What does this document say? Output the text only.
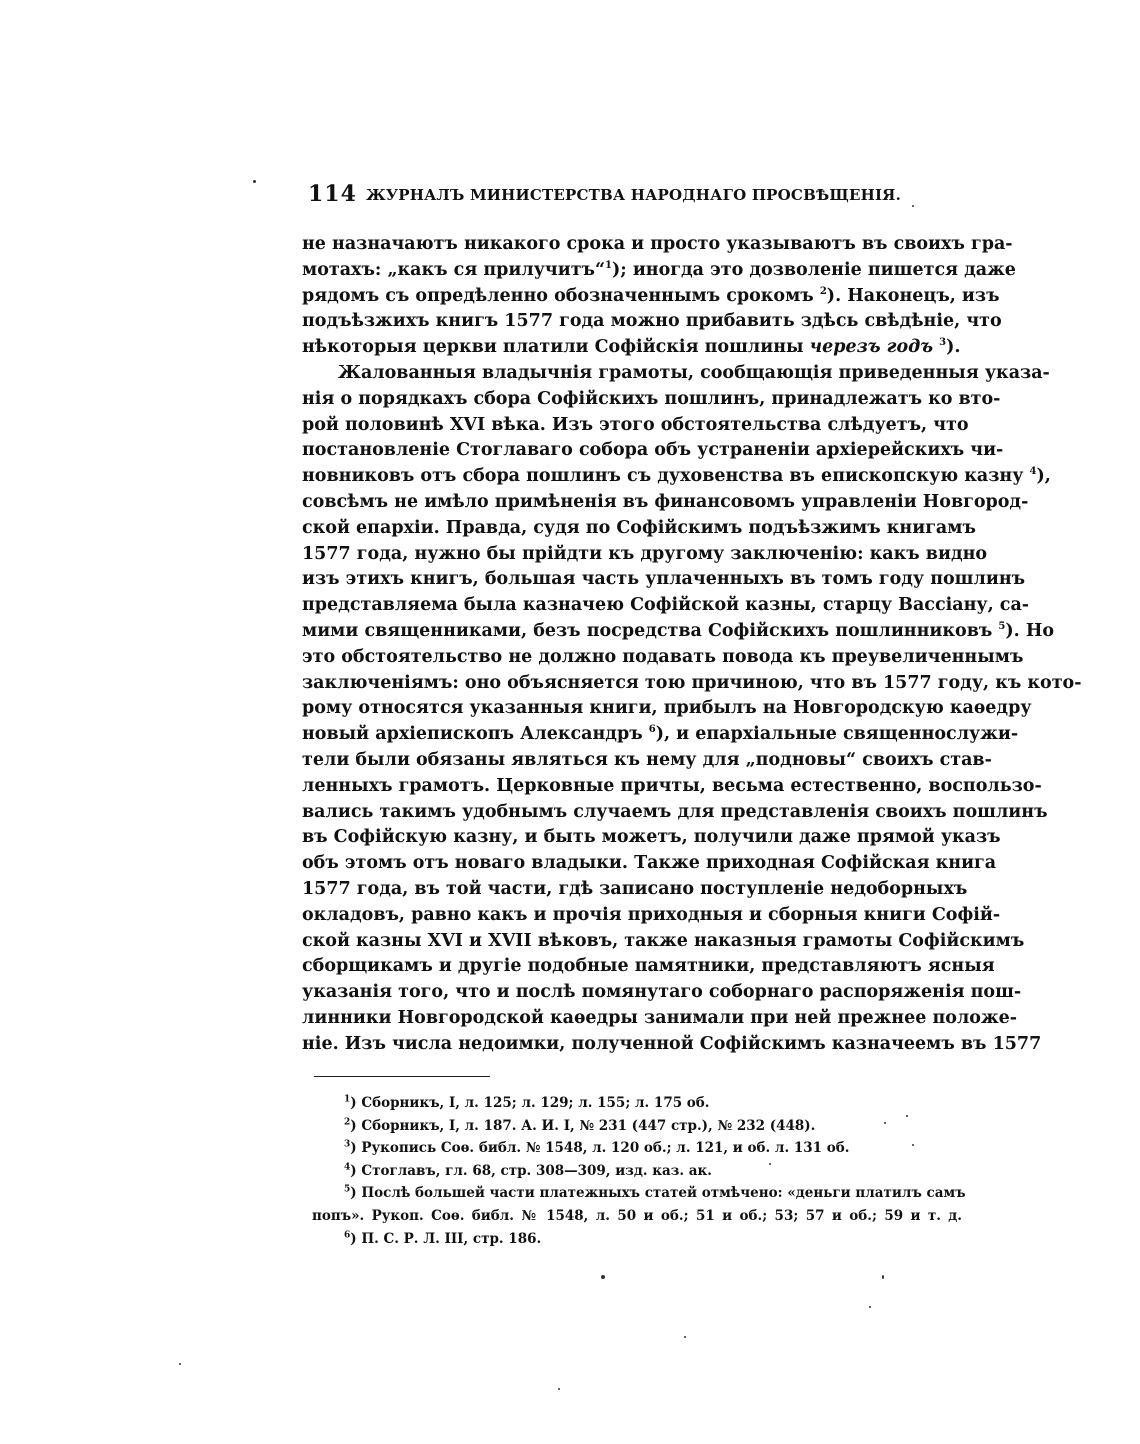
114 ЖУРНАЛЪ МИНИСТЕРСТВА НАРОДНАГО ПРОСВѢЩЕНІЯ.
не назначаютъ никакого срока и просто указываютъ въ своихъ гра-
мотахъ: „какъ ся прилучитъ“$^1$); иногда это дозволеніе пишется даже
рядомъ съ опредѣленно обозначеннымъ срокомъ $^2$). Наконецъ, изъ
подъѣзжихъ книгъ 1577 года можно прибавить здѣсь свѣдѣніе, что
нѣкоторыя церкви платили Софійскія пошлины черезъ годъ $^3$).
Жалованныя владычнія грамоты, сообщающія приведенныя указа-
нія о порядкахъ сбора Софійскихъ пошлинъ, принадлежатъ ко вто-
рой половинѣ XVI вѣка. Изъ этого обстоятельства слѣдуетъ, что
постановленіе Стоглаваго собора объ устраненіи архіерейскихъ чи-
новниковъ отъ сбора пошлинъ съ духовенства въ епископскую казну $^4$),
совсѣмъ не имѣло примѣненія въ финансовомъ управленіи Новгород-
ской епархіи. Правда, судя по Софійскимъ подъѣзжимъ книгамъ
1577 года, нужно бы прійдти къ другому заключенію: какъ видно
изъ этихъ книгъ, большая часть уплаченныхъ въ томъ году пошлинъ
представляема была казначею Софійской казны, старцу Вассіану, са-
мими священниками, безъ посредства Софійскихъ пошлинниковъ $^5$). Но
это обстоятельство не должно подавать повода къ преувеличеннымъ
заключеніямъ: оно объясняется тою причиною, что въ 1577 году, къ кото-
рому относятся указанныя книги, прибылъ на Новгородскую каѳедру
новый архіепископъ Александръ $^6$), и епархіальные священнослужи-
тели были обязаны являться къ нему для „подновы“ своихъ став-
ленныхъ грамотъ. Церковные причты, весьма естественно, воспользо-
вались такимъ удобнымъ случаемъ для представленія своихъ пошлинъ
въ Софійскую казну, и быть можетъ, получили даже прямой указъ
объ этомъ отъ новаго владыки. Также приходная Софійская книга
1577 года, въ той части, гдѣ записано поступленіе недоборныхъ
окладовъ, равно какъ и прочія приходныя и сборныя книги Софій-
ской казны XVI и XVII вѣковъ, также наказныя грамоты Софійскимъ
сборщикамъ и другіе подобные памятники, представляютъ ясныя
указанія того, что и послѣ помянутаго соборнаго распоряженія пош-
линники Новгородской каѳедры занимали при ней прежнее положе-
ніе. Изъ числа недоимки, полученной Софійскимъ казначеемъ въ 1577
$^1$) Сборникъ, I, л. 125; л. 129; л. 155; л. 175 об.
$^2$) Сборникъ, I, л. 187. А. И. I, № 231 (447 стр.), № 232 (448).
$^3$) Рукопись Соѳ. библ. № 1548, л. 120 об.; л. 121, и об. л. 131 об.
$^4$) Стоглавъ, гл. 68, стр. 308—309, изд. каз. ак.
$^5$) Послѣ большей части платежныхъ статей отмѣчено: «деньги платилъ самъ
попъ». Рукоп. Соѳ. библ. № 1548, л. 50 и об.; 51 и об.; 53; 57 и об.; 59 и т. д.
$^6$) П. С. Р. Л. III, стр. 186.
